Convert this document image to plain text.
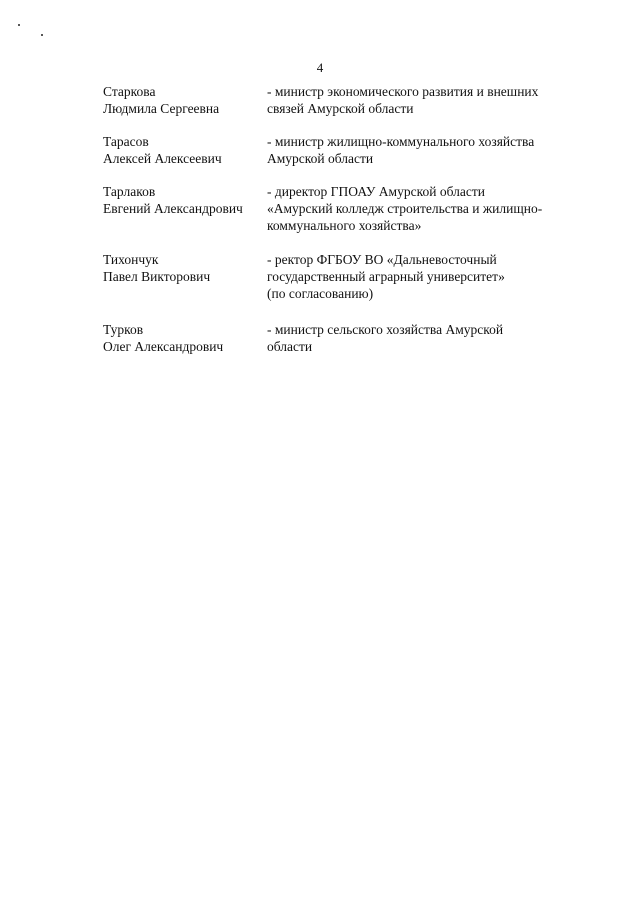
4
Старкова
Людмила Сергеевна
- министр экономического развития и внешних
связей Амурской области
Тарасов
Алексей Алексеевич
- министр жилищно-коммунального хозяйства
Амурской области
Тарлаков
Евгений Александрович
- директор ГПОАУ Амурской области
«Амурский колледж строительства и жилищно-
коммунального хозяйства»
Тихончук
Павел Викторович
- ректор ФГБОУ ВО «Дальневосточный
государственный аграрный университет»
(по согласованию)
Турков
Олег Александрович
- министр сельского хозяйства Амурской
области
